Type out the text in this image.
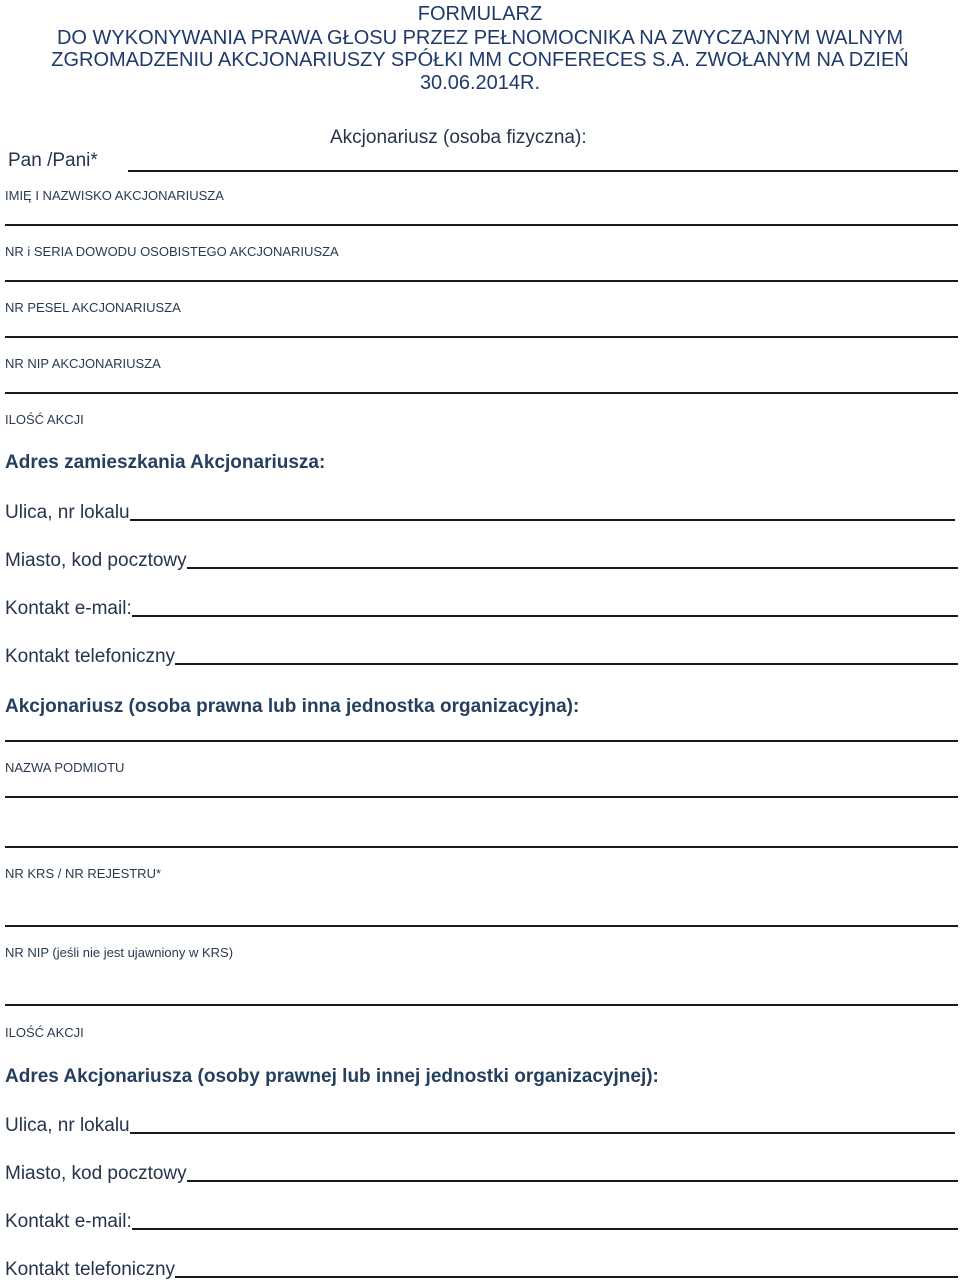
FORMULARZ
DO WYKONYWANIA PRAWA GŁOSU PRZEZ PEŁNOMOCNIKA NA ZWYCZAJNYM WALNYM
ZGROMADZENIU AKCJONARIUSZY SPÓŁKI MM CONFERECES S.A. ZWOŁANYM NA DZIEŃ
30.06.2014R.
Akcjonariusz (osoba fizyczna):
Pan /Pani*
IMIĘ I NAZWISKO AKCJONARIUSZA
NR i SERIA DOWODU OSOBISTEGO AKCJONARIUSZA
NR PESEL AKCJONARIUSZA
NR NIP AKCJONARIUSZA
ILOŚĆ AKCJI
Adres zamieszkania Akcjonariusza:
Ulica, nr lokalu
Miasto, kod pocztowy
Kontakt e-mail:
Kontakt telefoniczny
Akcjonariusz (osoba prawna lub inna jednostka organizacyjna):
NAZWA PODMIOTU
NR KRS / NR REJESTRU*
NR NIP (jeśli nie jest ujawniony w KRS)
ILOŚĆ AKCJI
Adres Akcjonariusza (osoby prawnej lub innej jednostki organizacyjnej):
Ulica, nr lokalu
Miasto, kod pocztowy
Kontakt e-mail:
Kontakt telefoniczny
